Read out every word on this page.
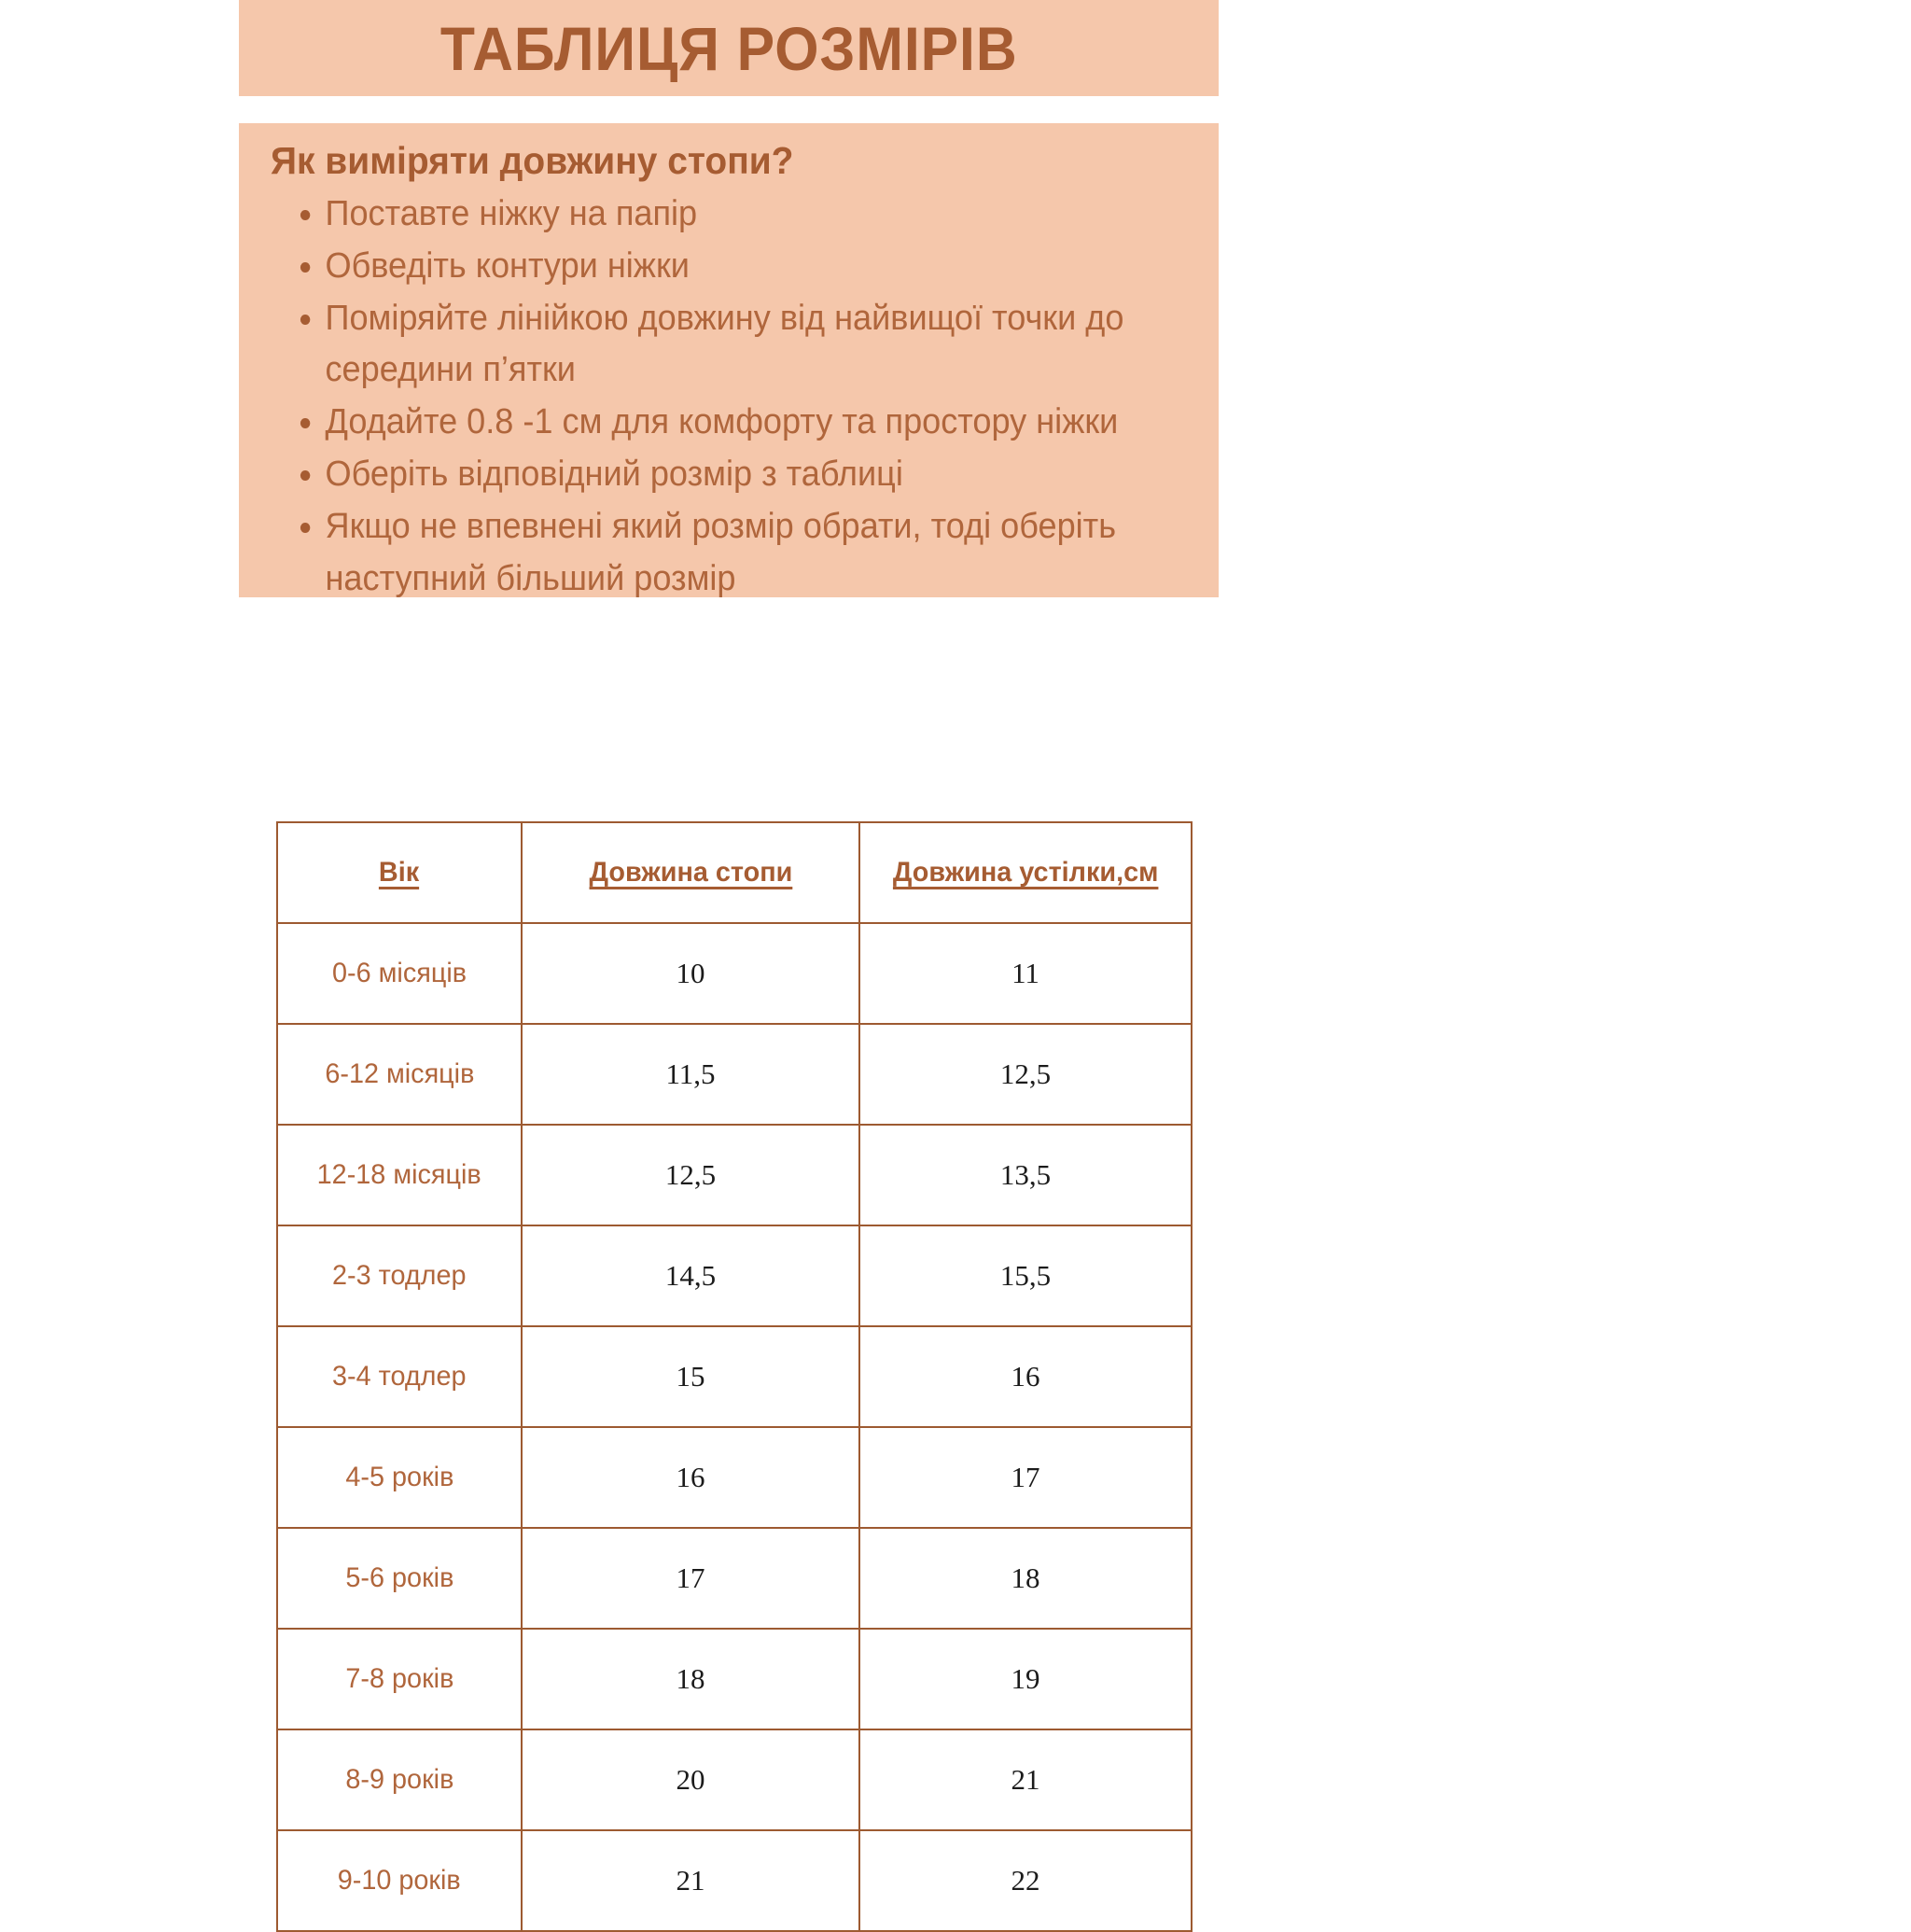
ТАБЛИЦЯ РОЗМІРІВ
Як виміряти довжину стопи?
Поставте ніжку на папір
Обведіть контури ніжки
Поміряйте лінійкою довжину від найвищої точки до середини п’ятки
Додайте 0.8 -1 см для комфорту та простору ніжки
Оберіть відповідний розмір з таблиці
Якщо не впевнені який розмір обрати, тоді оберіть наступний більший розмір
Вік	Довжина стопи	Довжина устілки,см
0-6 місяців	10	11
6-12 місяців	11,5	12,5
12-18 місяців	12,5	13,5
2-3 тодлер	14,5	15,5
3-4 тодлер	15	16
4-5 років	16	17
5-6 років	17	18
7-8 років	18	19
8-9 років	20	21
9-10 років	21	22
